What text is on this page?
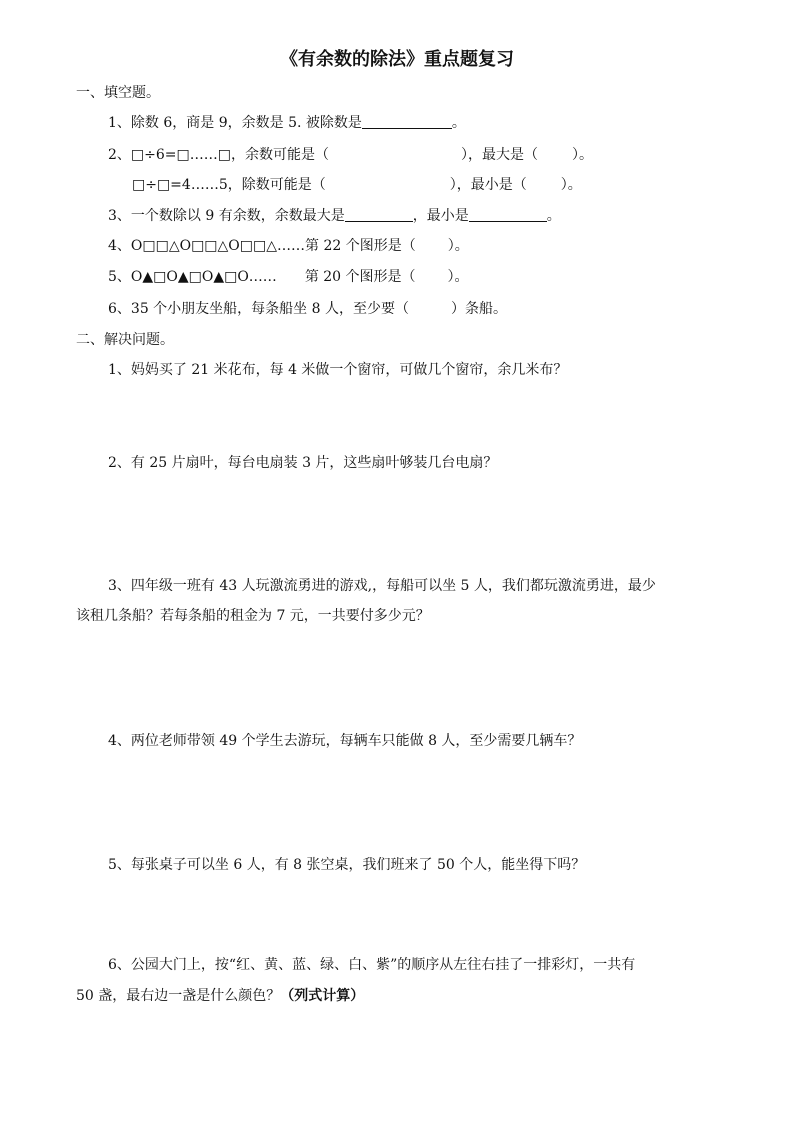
《有余数的除法》重点题复习
一、填空题。
1、除数 6，商是 9，余数是 5. 被除数是	。
2、□÷6=□……□，余数可能是（	），最大是（ ）。
□÷□=4……5，除数可能是（	），最小是（ ）。
3、一个数除以 9 有余数，余数最大是	，最小是	。
4、O□□△O□□△O□□△……第 22 个图形是（ ）。
5、O▲□O▲□O▲□O…… 第 20 个图形是（ ）。
6、35 个小朋友坐船，每条船坐 8 人，至少要（	）条船。
二、解决问题。
1、妈妈买了 21 米花布，每 4 米做一个窗帘，可做几个窗帘，余几米布？
2、有 25 片扇叶，每台电扇装 3 片，这些扇叶够装几台电扇？
3、四年级一班有 43 人玩激流勇进的游戏,，每船可以坐 5 人，我们都玩激流勇进，最少
该租几条船？若每条船的租金为 7 元，一共要付多少元？
4、两位老师带领 49 个学生去游玩，每辆车只能做 8 人，至少需要几辆车？
5、每张桌子可以坐 6 人，有 8 张空桌，我们班来了 50 个人，能坐得下吗？
6、公园大门上，按“红、黄、蓝、绿、白、紫”的顺序从左往右挂了一排彩灯，一共有
50 盏，最右边一盏是什么颜色？（列式计算）
